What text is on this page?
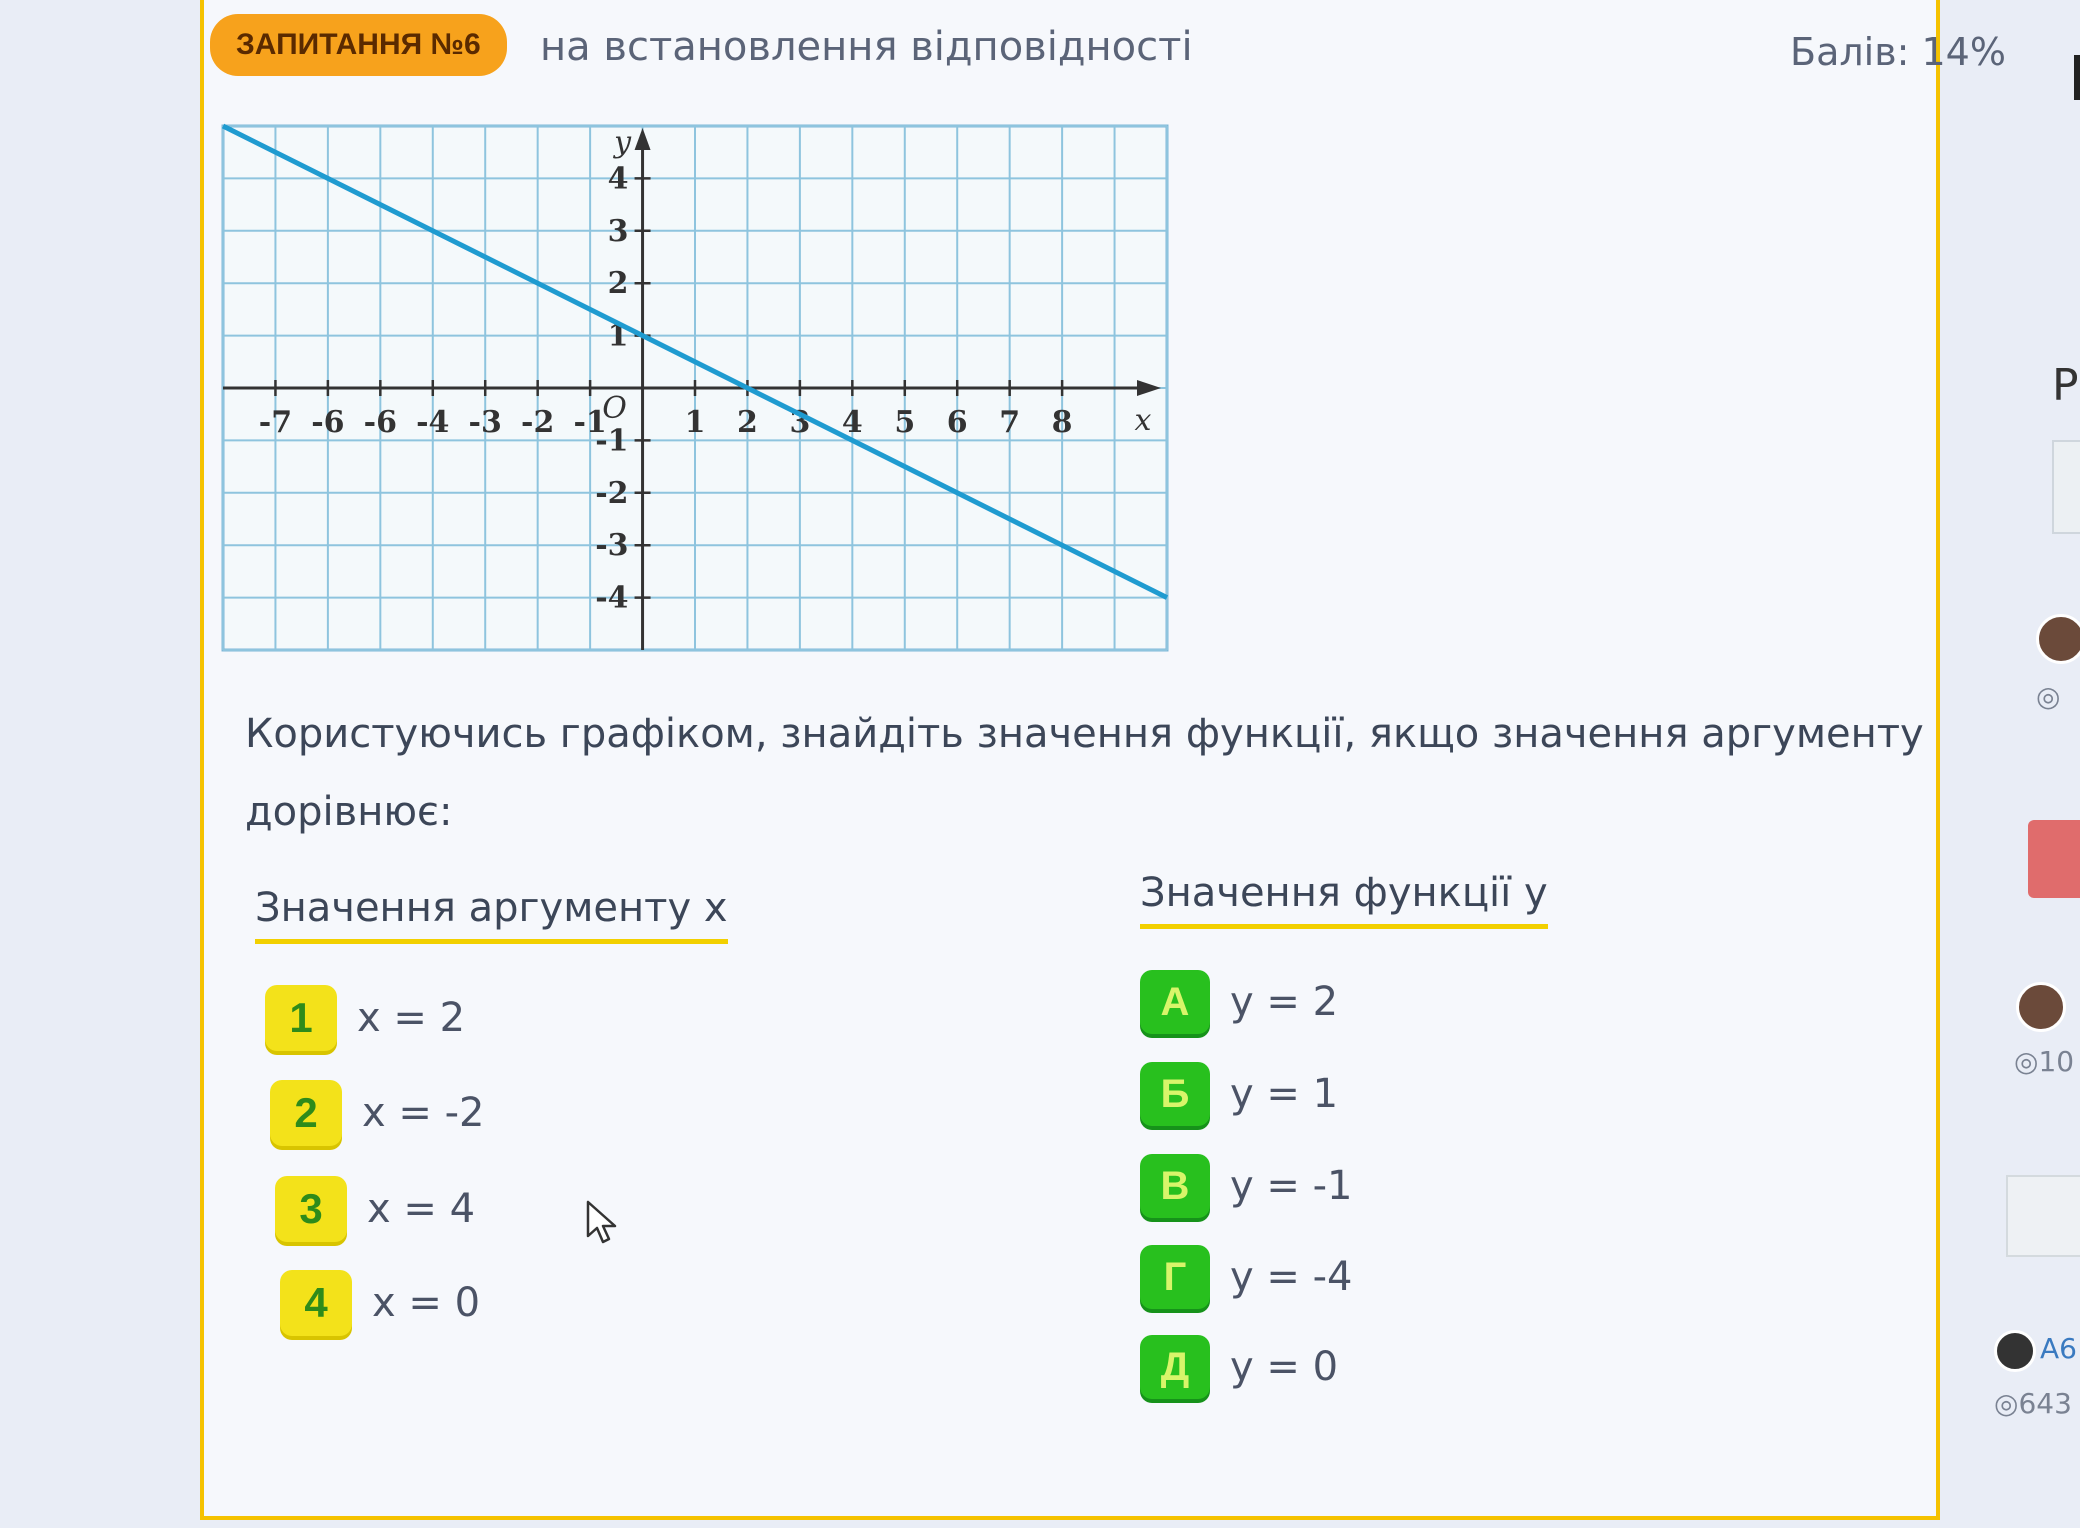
ЗАПИТАННЯ №6	на встановлення відповідності	Балів: 14%
-7 -6 -6 -4 -3 -2 -1	1 2 3 4 5 6 7 8
4
3
2
1
-1
-2
-3
-4
x
y
O
Користуючись графіком, знайдіть значення функції, якщо значення аргументу дорівнює:
Значення аргументу x	Значення функції y
1	x = 2
2	x = -2
3	x = 4
4	x = 0
А	y = 2
Б	y = 1
В	y = -1
Г	y = -4
Д	y = 0
Р
◎
◎10
А6
◎643
